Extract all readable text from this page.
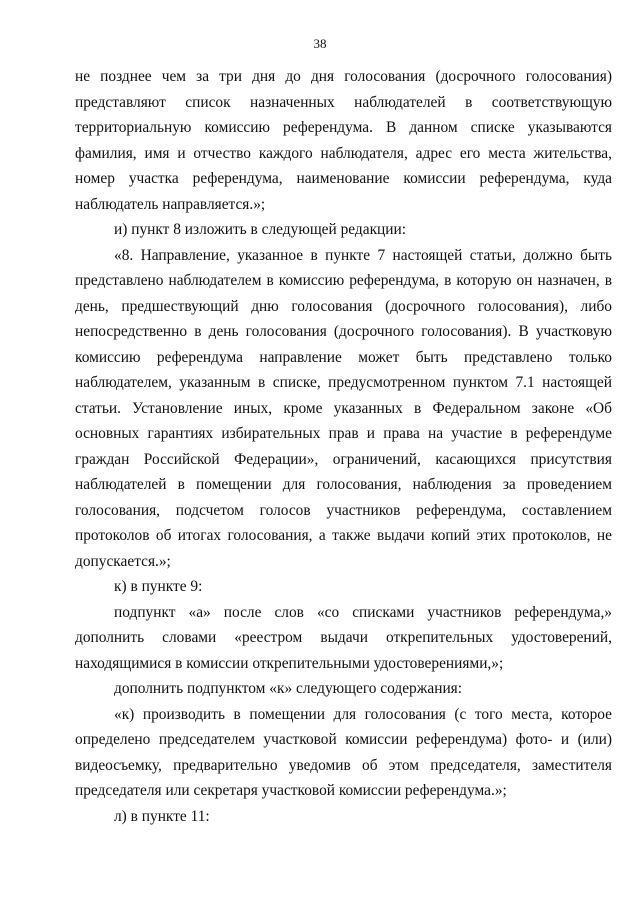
38
не позднее чем за три дня до дня голосования (досрочного голосования)
представляют список назначенных наблюдателей в соответствующую
территориальную комиссию референдума. В данном списке указываются
фамилия, имя и отчество каждого наблюдателя, адрес его места жительства,
номер участка референдума, наименование комиссии референдума, куда
наблюдатель направляется.»;
и) пункт 8 изложить в следующей редакции:
«8. Направление, указанное в пункте 7 настоящей статьи, должно быть
представлено наблюдателем в комиссию референдума, в которую он назначен, в
день, предшествующий дню голосования (досрочного голосования), либо
непосредственно в день голосования (досрочного голосования). В участковую
комиссию референдума направление может быть представлено только
наблюдателем, указанным в списке, предусмотренном пунктом 7.1 настоящей
статьи. Установление иных, кроме указанных в Федеральном законе «Об
основных гарантиях избирательных прав и права на участие в референдуме
граждан Российской Федерации», ограничений, касающихся присутствия
наблюдателей в помещении для голосования, наблюдения за проведением
голосования, подсчетом голосов участников референдума, составлением
протоколов об итогах голосования, а также выдачи копий этих протоколов, не
допускается.»;
к) в пункте 9:
подпункт «а» после слов «со списками участников референдума,»
дополнить словами «реестром выдачи открепительных удостоверений,
находящимися в комиссии открепительными удостоверениями,»;
дополнить подпунктом «к» следующего содержания:
«к) производить в помещении для голосования (с того места, которое
определено председателем участковой комиссии референдума) фото- и (или)
видеосъемку, предварительно уведомив об этом председателя, заместителя
председателя или секретаря участковой комиссии референдума.»;
л) в пункте 11:
